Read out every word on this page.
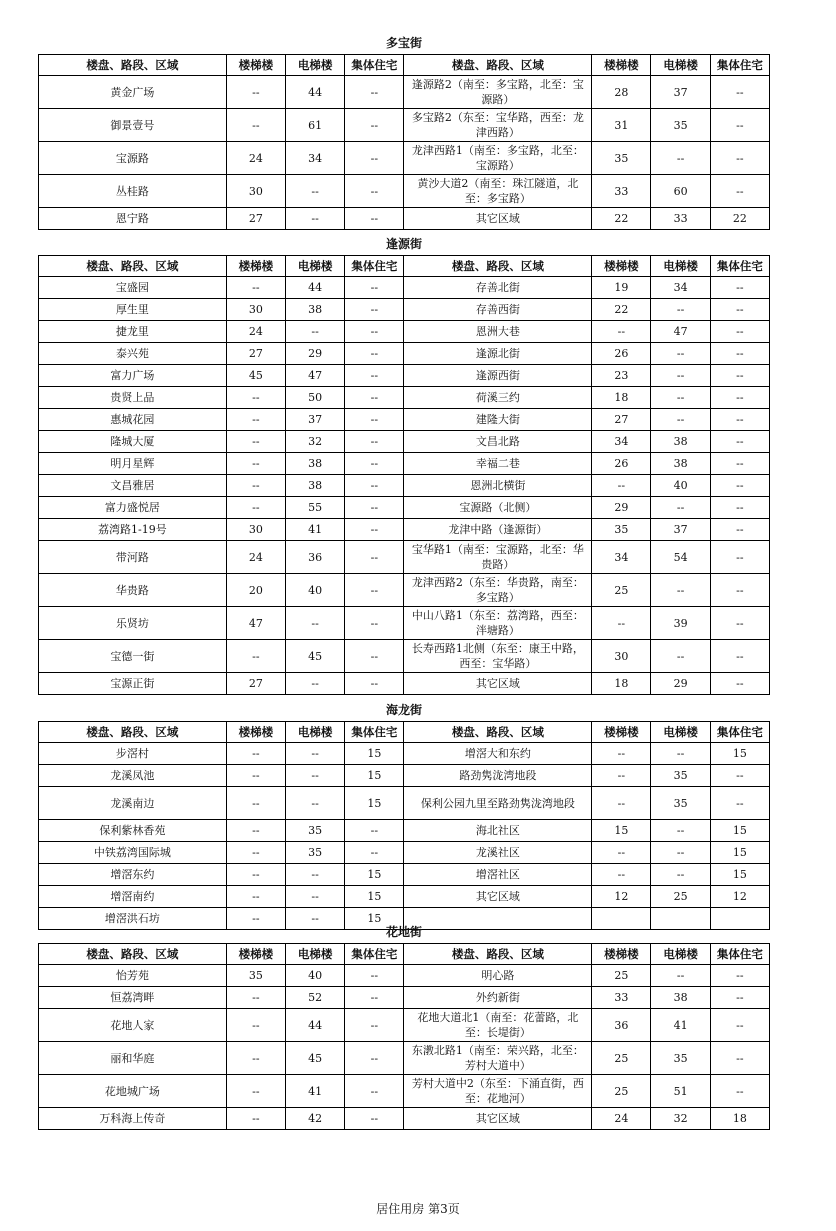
多宝街
楼盘、路段、区域	楼梯楼	电梯楼	集体住宅	楼盘、路段、区域	楼梯楼	电梯楼	集体住宅
黄金广场	--	44	--	逢源路2（南至：多宝路，北至：宝源路）	28	37	--
御景壹号	--	61	--	多宝路2（东至：宝华路，西至：龙津西路）	31	35	--
宝源路	24	34	--	龙津西路1（南至：多宝路，北至：宝源路）	35	--	--
丛桂路	30	--	--	黄沙大道2（南至：珠江隧道，北至：多宝路）	33	60	--
恩宁路	27	--	--	其它区域	22	33	22
逢源街
楼盘、路段、区域	楼梯楼	电梯楼	集体住宅	楼盘、路段、区域	楼梯楼	电梯楼	集体住宅
宝盛园	--	44	--	存善北街	19	34	--
厚生里	30	38	--	存善西街	22	--	--
捷龙里	24	--	--	恩洲大巷	--	47	--
泰兴苑	27	29	--	逢源北街	26	--	--
富力广场	45	47	--	逢源西街	23	--	--
贵贤上品	--	50	--	荷溪三约	18	--	--
惠城花园	--	37	--	建隆大街	27	--	--
隆城大厦	--	32	--	文昌北路	34	38	--
明月星辉	--	38	--	幸福二巷	26	38	--
文昌雅居	--	38	--	恩洲北横街	--	40	--
富力盛悦居	--	55	--	宝源路（北侧）	29	--	--
荔湾路1-19号	30	41	--	龙津中路（逢源街）	35	37	--
带河路	24	36	--	宝华路1（南至：宝源路，北至：华贵路）	34	54	--
华贵路	20	40	--	龙津西路2（东至：华贵路，南至：多宝路）	25	--	--
乐贤坊	47	--	--	中山八路1（东至：荔湾路，西至：泮塘路）	--	39	--
宝德一街	--	45	--	长寿西路1北侧（东至：康王中路，西至：宝华路）	30	--	--
宝源正街	27	--	--	其它区域	18	29	--
海龙街
楼盘、路段、区域	楼梯楼	电梯楼	集体住宅	楼盘、路段、区域	楼梯楼	电梯楼	集体住宅
步滘村	--	--	15	增滘大和东约	--	--	15
龙溪凤池	--	--	15	路劲隽泷湾地段	--	35	--
龙溪南边	--	--	15	保利公园九里至路劲隽泷湾地段	--	35	--
保利紫林香苑	--	35	--	海北社区	15	--	15
中铁荔湾国际城	--	35	--	龙溪社区	--	--	15
增滘东约	--	--	15	增滘社区	--	--	15
增滘南约	--	--	15	其它区域	12	25	12
增滘洪石坊	--	--	15				
花地街
楼盘、路段、区域	楼梯楼	电梯楼	集体住宅	楼盘、路段、区域	楼梯楼	电梯楼	集体住宅
怡芳苑	35	40	--	明心路	25	--	--
恒荔湾畔	--	52	--	外约新街	33	38	--
花地人家	--	44	--	花地大道北1（南至：花蕾路，北至：长堤街）	36	41	--
丽和华庭	--	45	--	东漖北路1（南至：荣兴路，北至：芳村大道中）	25	35	--
花地城广场	--	41	--	芳村大道中2（东至：下涌直街，西至：花地河）	25	51	--
万科海上传奇	--	42	--	其它区域	24	32	18
居住用房 第3页
